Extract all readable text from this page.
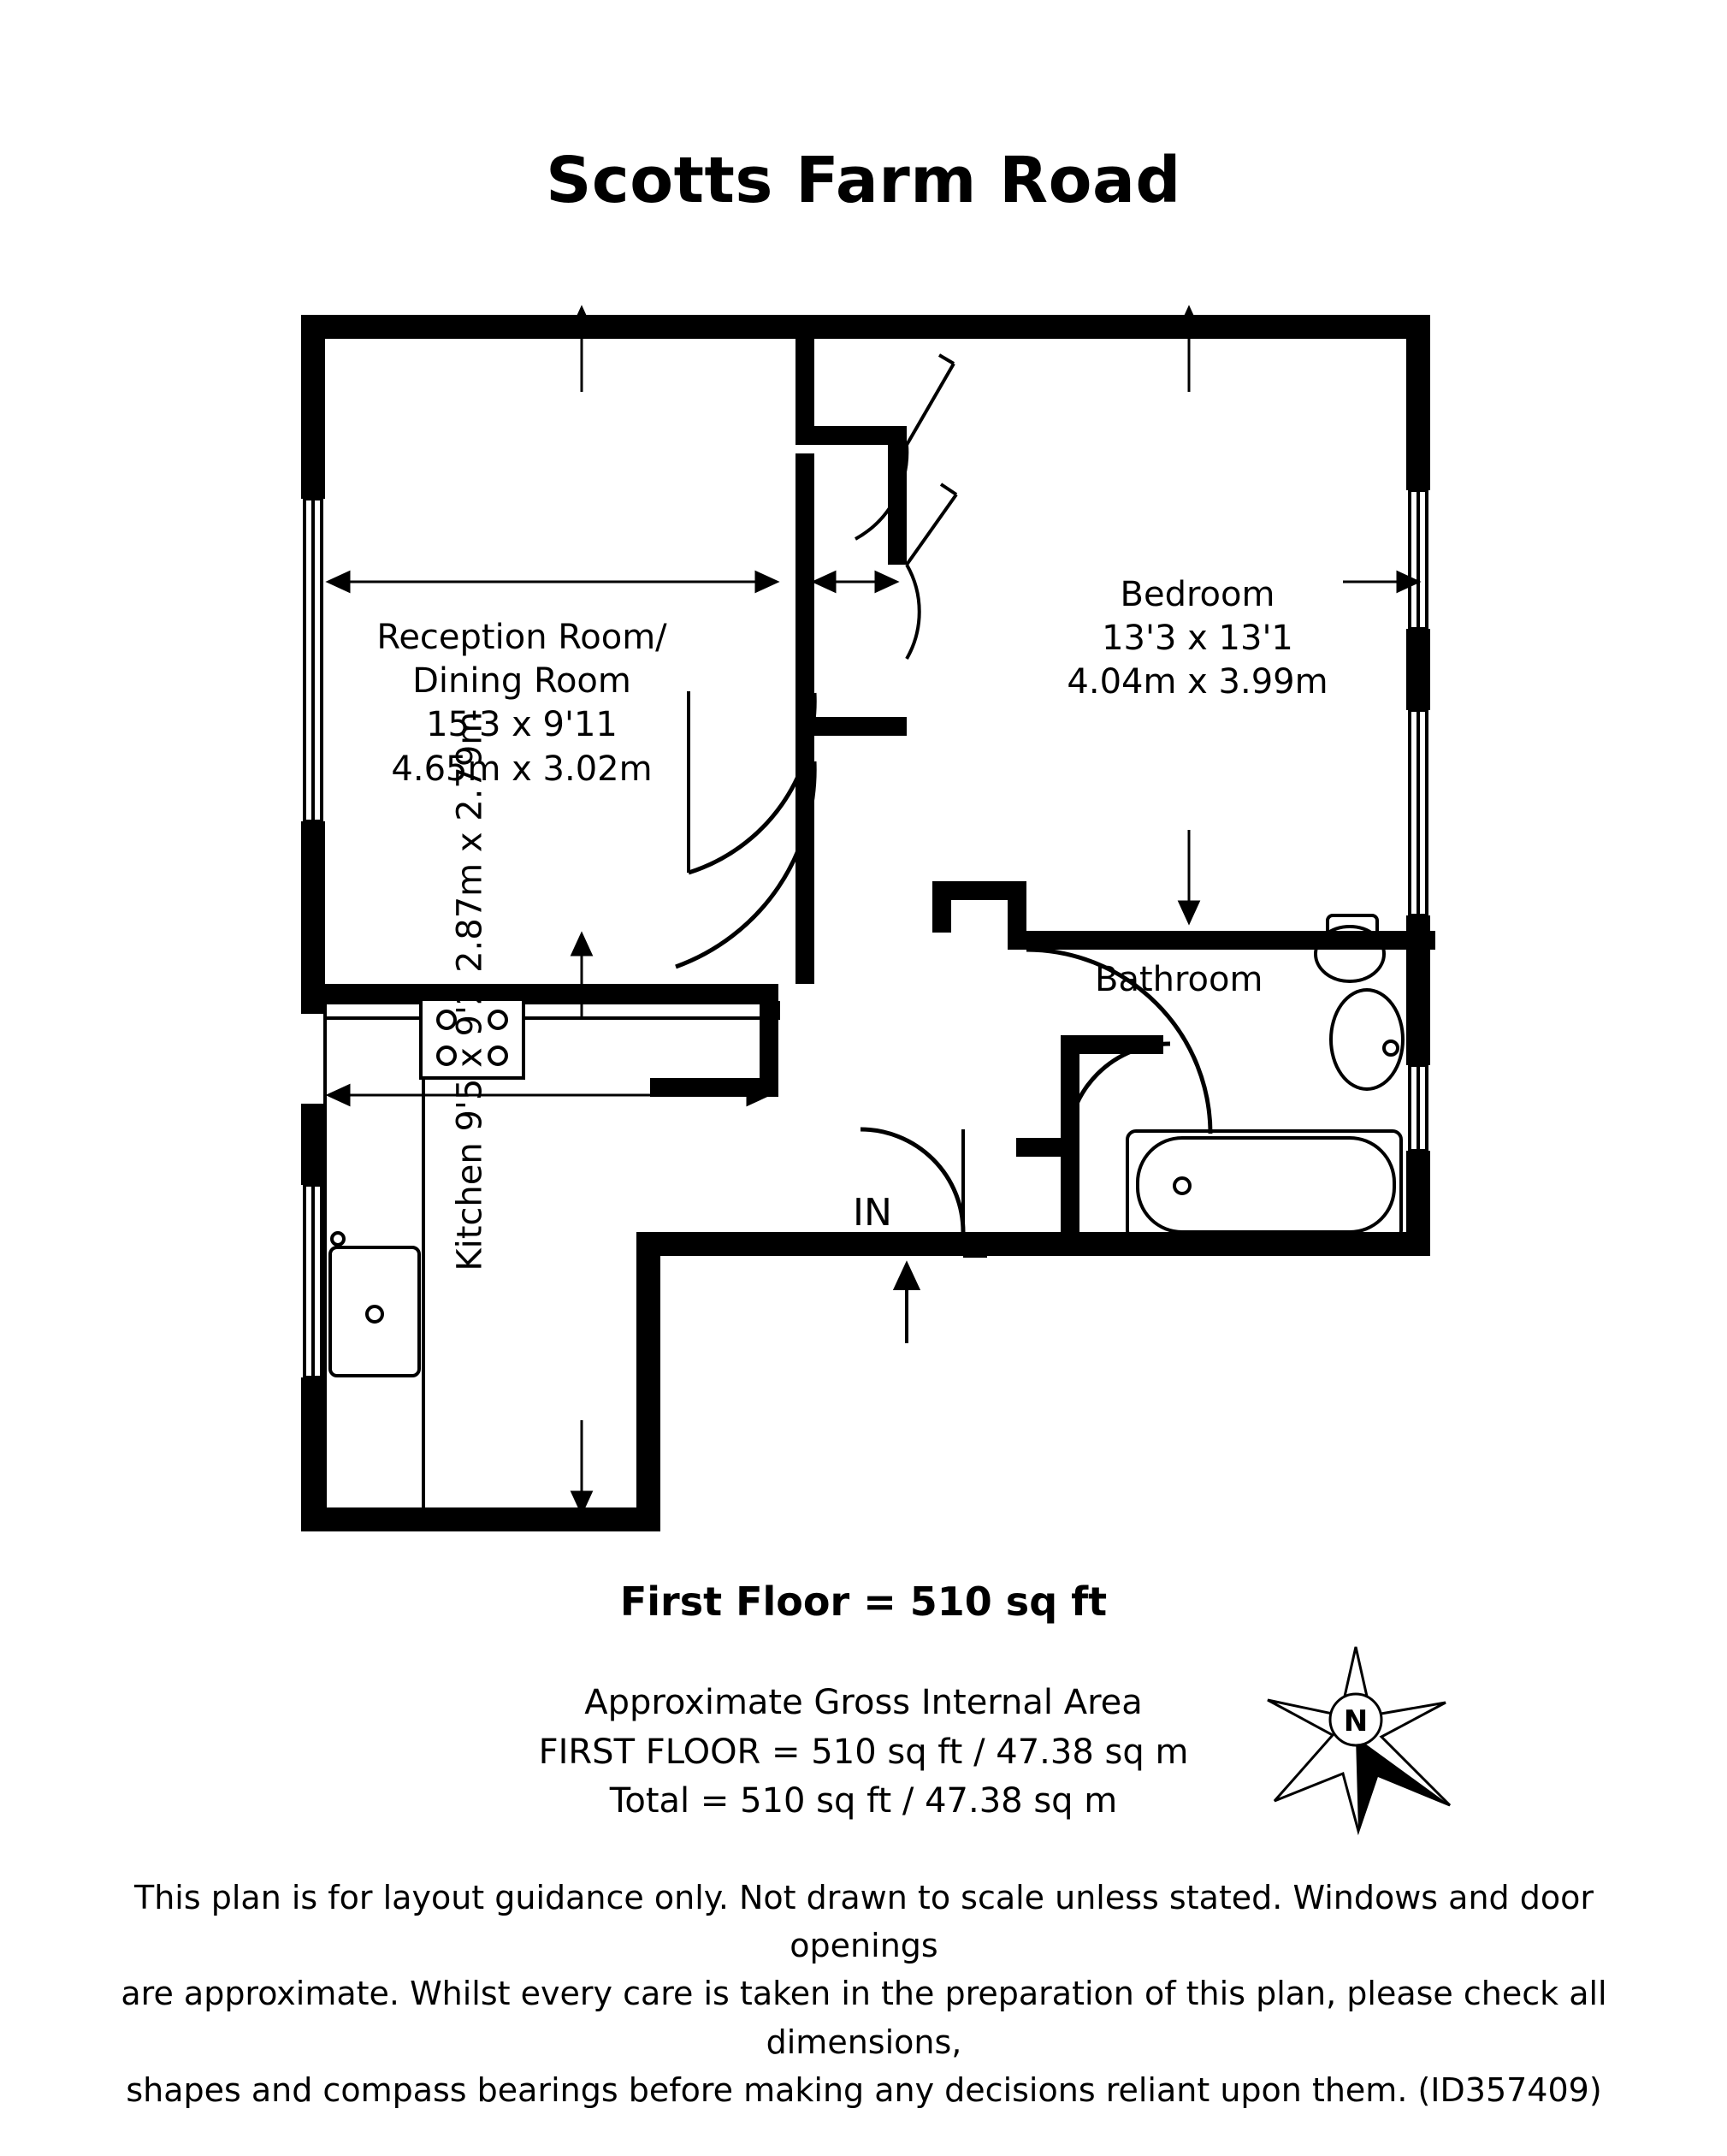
Scotts Farm Road
Reception Room/
Dining Room
15'3 x 9'11
4.65m x 3.02m
Bedroom
13'3 x 13'1
4.04m x 3.99m
Kitchen 9'5 x 9'2 2.87m x 2.79m
Bathroom
IN
First Floor = 510 sq ft
Approximate Gross Internal Area
FIRST FLOOR = 510 sq ft / 47.38 sq m
Total = 510 sq ft / 47.38 sq m
N
This plan is for layout guidance only. Not drawn to scale unless stated. Windows and door openings
are approximate. Whilst every care is taken in the preparation of this plan, please check all dimensions,
shapes and compass bearings before making any decisions reliant upon them. (ID357409)
